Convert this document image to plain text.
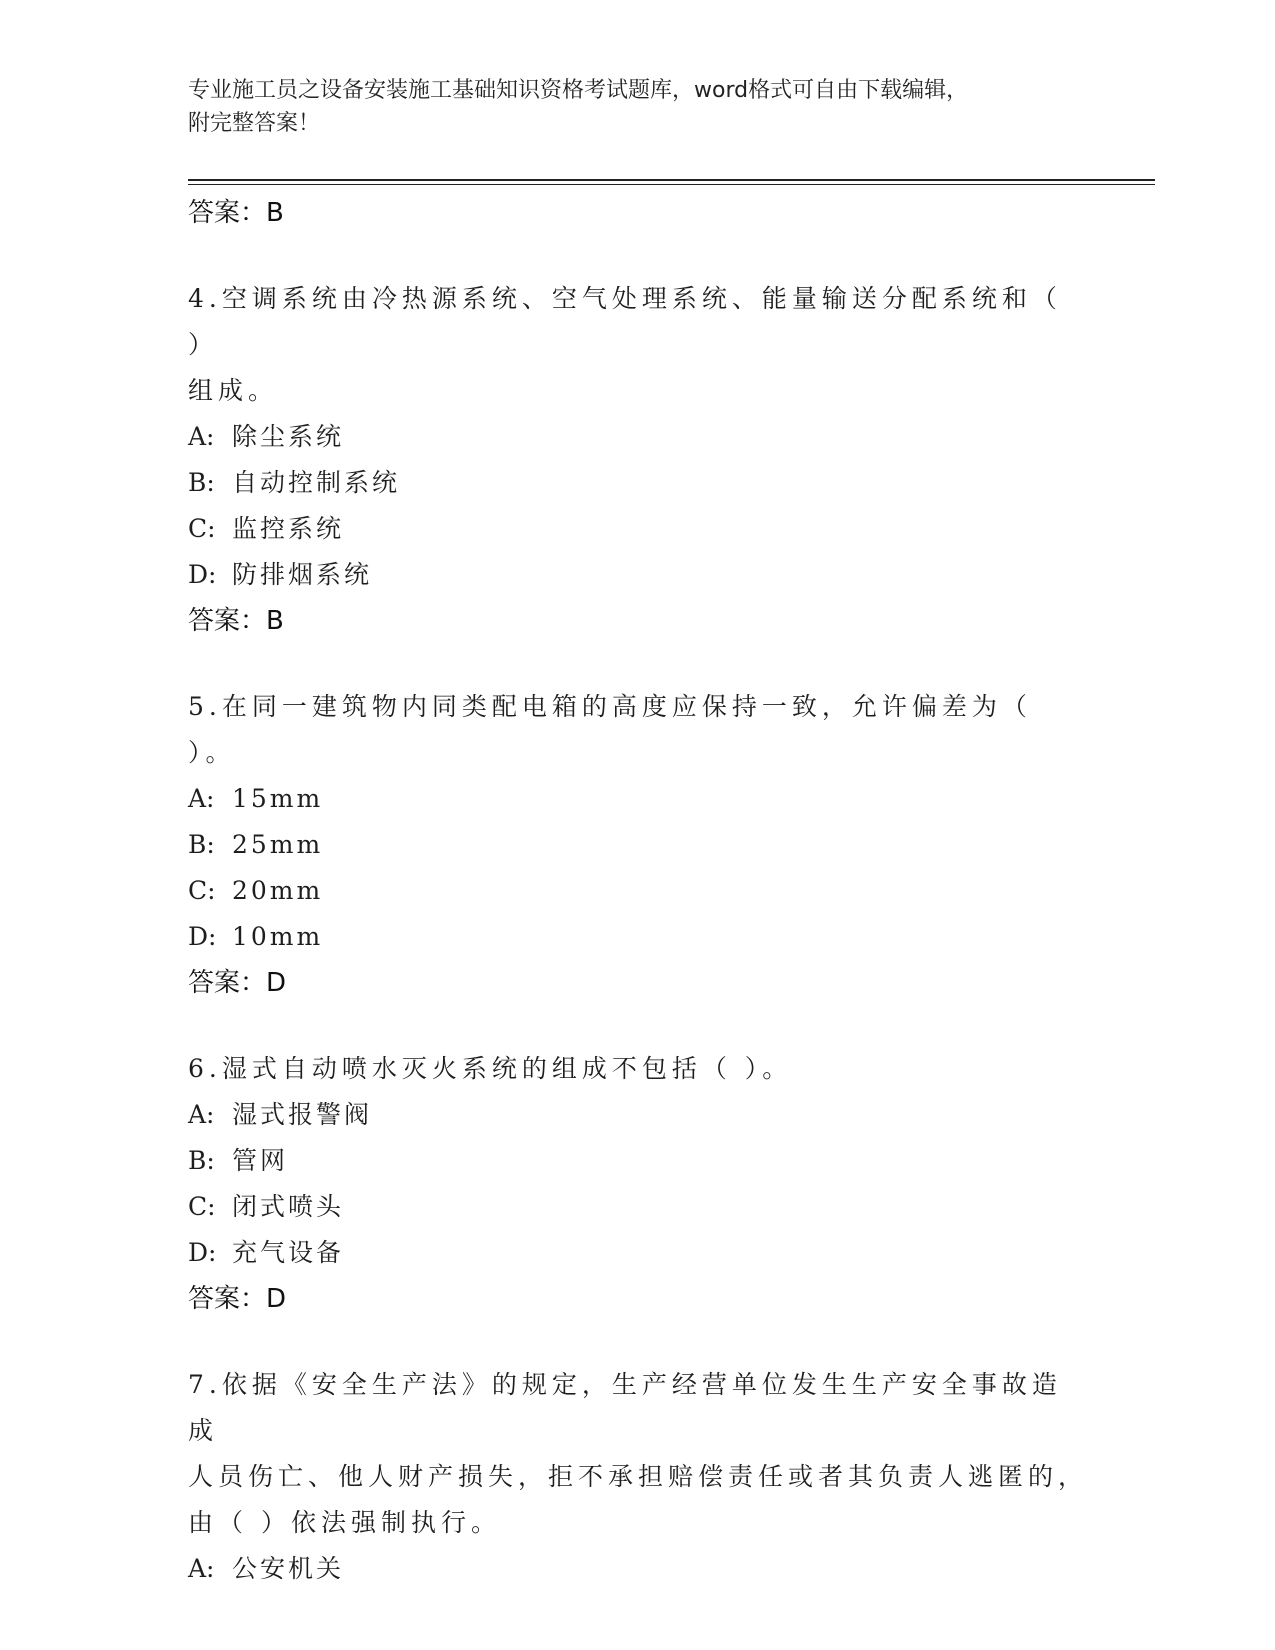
专业施工员之设备安装施工基础知识资格考试题库，word格式可自由下载编辑，
附完整答案！
答案：B
4.空调系统由冷热源系统、空气处理系统、能量输送分配系统和（ ）
组成。
A: 除尘系统
B: 自动控制系统
C: 监控系统
D: 防排烟系统
答案：B
5.在同一建筑物内同类配电箱的高度应保持一致，允许偏差为（ ）。
A: 15mm
B: 25mm
C: 20mm
D: 10mm
答案：D
6.湿式自动喷水灭火系统的组成不包括（ ）。
A: 湿式报警阀
B: 管网
C: 闭式喷头
D: 充气设备
答案：D
7.依据《安全生产法》的规定，生产经营单位发生生产安全事故造成
人员伤亡、他人财产损失，拒不承担赔偿责任或者其负责人逃匿的，
由（ ）依法强制执行。
A: 公安机关
